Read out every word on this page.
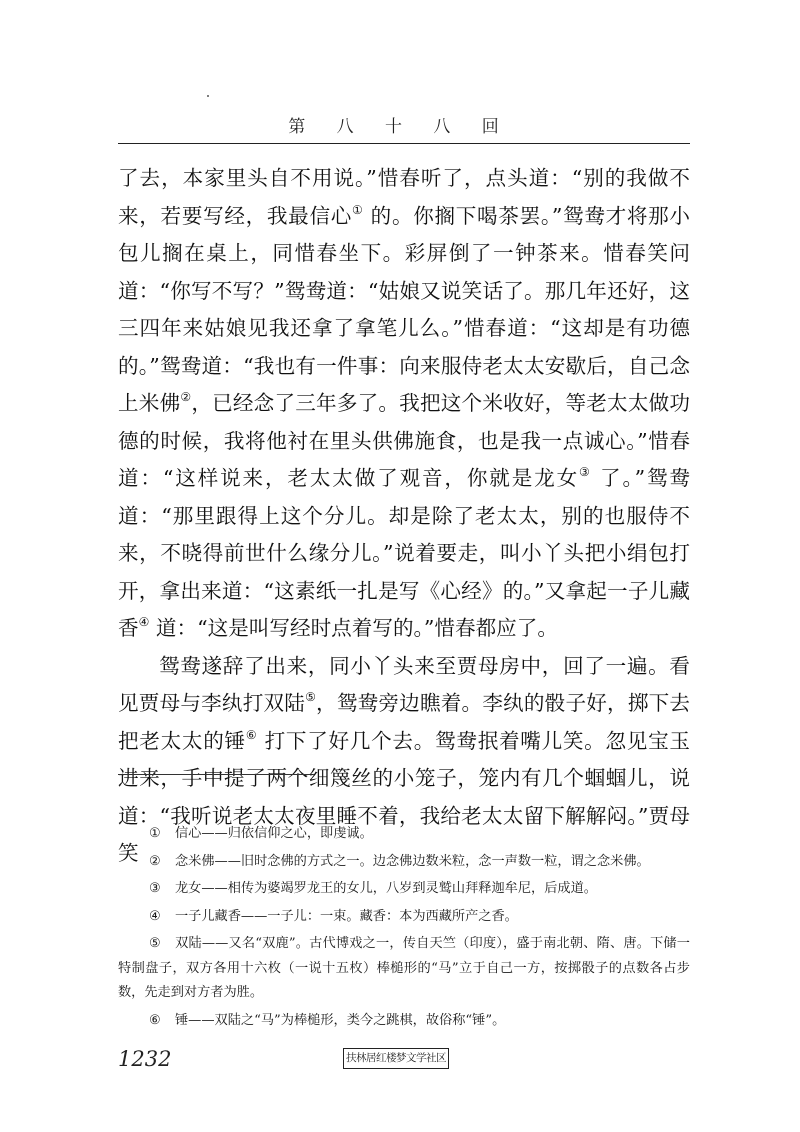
第 八 十 八 回

了去，本家里头自不用说。”惜春听了，点头道：“别的我做不来，若要写经，我最信心① 的。你搁下喝茶罢。”鸳鸯才将那小包儿搁在桌上，同惜春坐下。彩屏倒了一钟茶来。惜春笑问道：“你写不写？”鸳鸯道：“姑娘又说笑话了。那几年还好，这三四年来姑娘见我还拿了拿笔儿么。”惜春道：“这却是有功德的。”鸳鸯道：“我也有一件事：向来服侍老太太安歇后，自己念上米佛②，已经念了三年多了。我把这个米收好，等老太太做功德的时候，我将他衬在里头供佛施食，也是我一点诚心。”惜春道：“这样说来，老太太做了观音，你就是龙女③ 了。”鸳鸯道：“那里跟得上这个分儿。却是除了老太太，别的也服侍不来，不晓得前世什么缘分儿。”说着要走，叫小丫头把小绢包打开，拿出来道：“这素纸一扎是写《心经》的。”又拿起一子儿藏香④ 道：“这是叫写经时点着写的。”惜春都应了。

鸳鸯遂辞了出来，同小丫头来至贾母房中，回了一遍。看见贾母与李纨打双陆⑤，鸳鸯旁边瞧着。李纨的骰子好，掷下去把老太太的锤⑥ 打下了好几个去。鸳鸯抿着嘴儿笑。忽见宝玉进来，手中提了两个细篾丝的小笼子，笼内有几个蝈蝈儿，说道：“我听说老太太夜里睡不着，我给老太太留下解解闷。”贾母笑

① 信心——归依信仰之心，即虔诚。

② 念米佛——旧时念佛的方式之一。边念佛边数米粒，念一声数一粒，谓之念米佛。

③ 龙女——相传为婆竭罗龙王的女儿，八岁到灵鹫山拜释迦牟尼，后成道。

④ 一子儿藏香——一子儿：一束。藏香：本为西藏所产之香。

⑤ 双陆——又名“双鹿”。古代博戏之一，传自天竺（印度），盛于南北朝、隋、唐。下储一特制盘子，双方各用十六枚（一说十五枚）棒槌形的“马”立于自己一方，按掷骰子的点数各占步数，先走到对方者为胜。

⑥ 锤——双陆之“马”为棒槌形，类今之跳棋，故俗称“锤”。

1232	扶林居红楼梦文学社区
